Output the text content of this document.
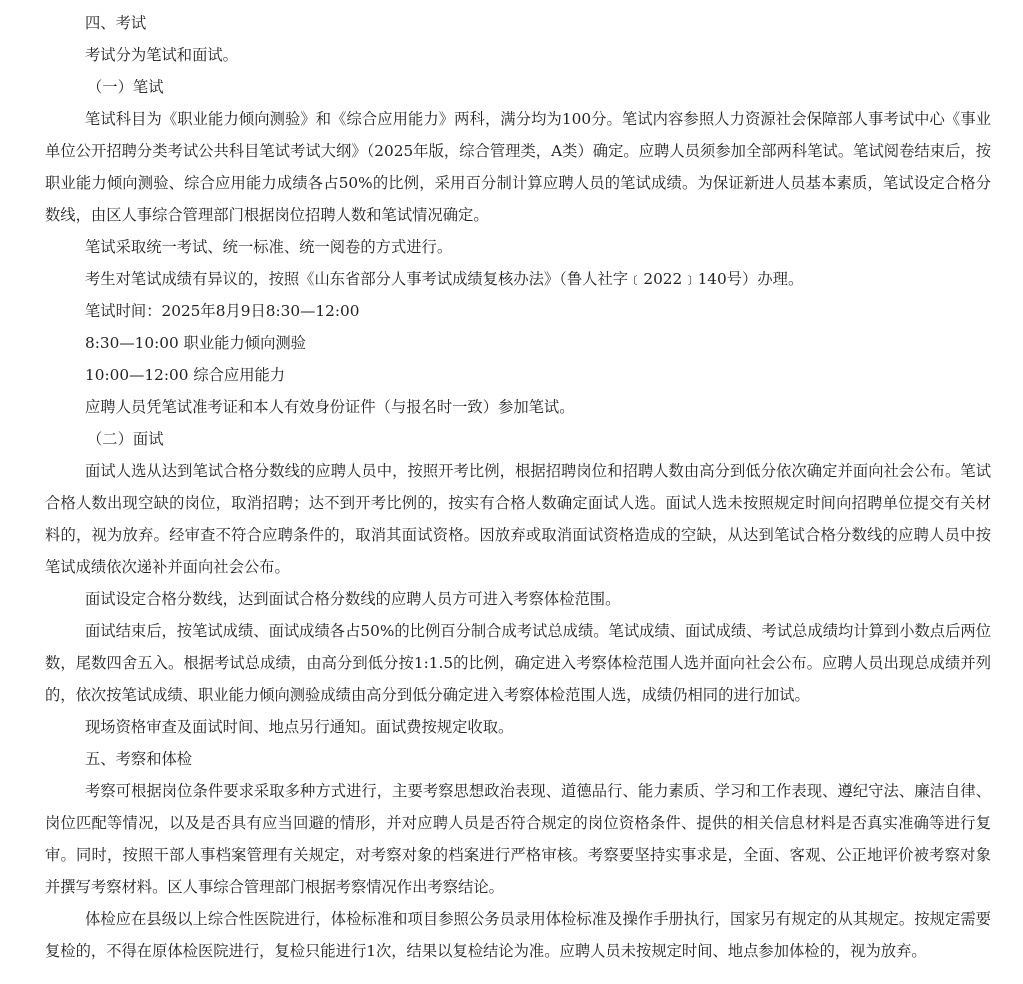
四、考试

考试分为笔试和面试。

（一）笔试

笔试科目为《职业能力倾向测验》和《综合应用能力》两科，满分均为100分。笔试内容参照人力资源社会保障部人事考试中心《事业单位公开招聘分类考试公共科目笔试考试大纲》（2025年版，综合管理类，A类）确定。应聘人员须参加全部两科笔试。笔试阅卷结束后，按职业能力倾向测验、综合应用能力成绩各占50%的比例，采用百分制计算应聘人员的笔试成绩。为保证新进人员基本素质，笔试设定合格分数线，由区人事综合管理部门根据岗位招聘人数和笔试情况确定。

笔试采取统一考试、统一标准、统一阅卷的方式进行。

考生对笔试成绩有异议的，按照《山东省部分人事考试成绩复核办法》（鲁人社字﹝2022﹞140号）办理。

笔试时间：2025年8月9日8:30—12:00

8:30—10:00 职业能力倾向测验

10:00—12:00 综合应用能力

应聘人员凭笔试准考证和本人有效身份证件（与报名时一致）参加笔试。

（二）面试

面试人选从达到笔试合格分数线的应聘人员中，按照开考比例，根据招聘岗位和招聘人数由高分到低分依次确定并面向社会公布。笔试合格人数出现空缺的岗位，取消招聘；达不到开考比例的，按实有合格人数确定面试人选。面试人选未按照规定时间向招聘单位提交有关材料的，视为放弃。经审查不符合应聘条件的，取消其面试资格。因放弃或取消面试资格造成的空缺，从达到笔试合格分数线的应聘人员中按笔试成绩依次递补并面向社会公布。

面试设定合格分数线，达到面试合格分数线的应聘人员方可进入考察体检范围。

面试结束后，按笔试成绩、面试成绩各占50%的比例百分制合成考试总成绩。笔试成绩、面试成绩、考试总成绩均计算到小数点后两位数，尾数四舍五入。根据考试总成绩，由高分到低分按1:1.5的比例，确定进入考察体检范围人选并面向社会公布。应聘人员出现总成绩并列的，依次按笔试成绩、职业能力倾向测验成绩由高分到低分确定进入考察体检范围人选，成绩仍相同的进行加试。

现场资格审查及面试时间、地点另行通知。面试费按规定收取。

五、考察和体检

考察可根据岗位条件要求采取多种方式进行，主要考察思想政治表现、道德品行、能力素质、学习和工作表现、遵纪守法、廉洁自律、岗位匹配等情况，以及是否具有应当回避的情形，并对应聘人员是否符合规定的岗位资格条件、提供的相关信息材料是否真实准确等进行复审。同时，按照干部人事档案管理有关规定，对考察对象的档案进行严格审核。考察要坚持实事求是，全面、客观、公正地评价被考察对象并撰写考察材料。区人事综合管理部门根据考察情况作出考察结论。

体检应在县级以上综合性医院进行，体检标准和项目参照公务员录用体检标准及操作手册执行，国家另有规定的从其规定。按规定需要复检的，不得在原体检医院进行，复检只能进行1次，结果以复检结论为准。应聘人员未按规定时间、地点参加体检的，视为放弃。
